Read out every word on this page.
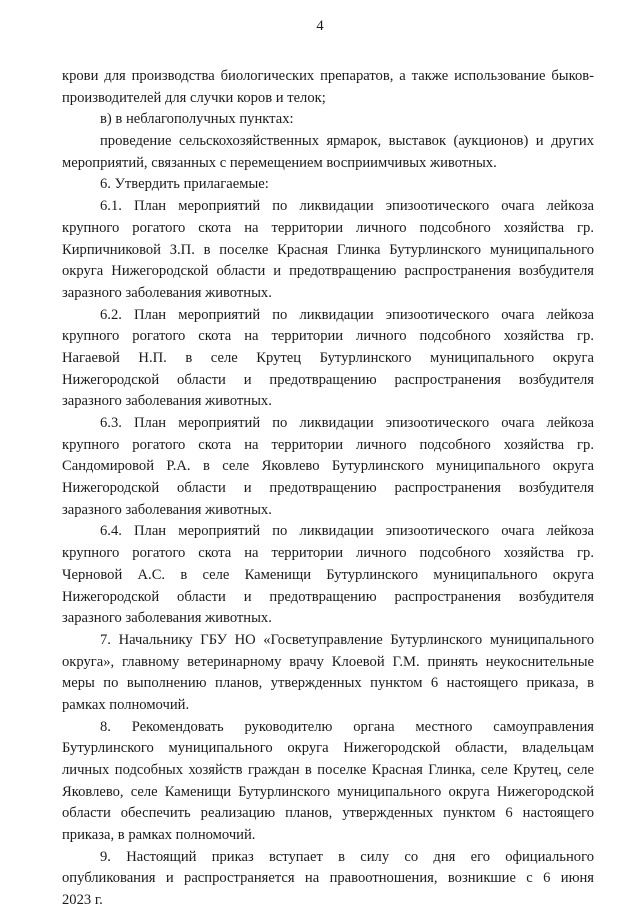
4
крови для производства биологических препаратов, а также использование быков-
производителей для случки коров и телок;
в) в неблагополучных пунктах:
проведение сельскохозяйственных ярмарок, выставок (аукционов) и других
мероприятий, связанных с перемещением восприимчивых животных.
6. Утвердить прилагаемые:
6.1. План мероприятий по ликвидации эпизоотического очага лейкоза
крупного рогатого скота на территории личного подсобного хозяйства гр.
Кирпичниковой З.П. в поселке Красная Глинка Бутурлинского муниципального
округа Нижегородской области и предотвращению распространения возбудителя
заразного заболевания животных.
6.2. План мероприятий по ликвидации эпизоотического очага лейкоза
крупного рогатого скота на территории личного подсобного хозяйства гр.
Нагаевой Н.П. в селе Крутец Бутурлинского муниципального округа
Нижегородской области и предотвращению распространения возбудителя
заразного заболевания животных.
6.3. План мероприятий по ликвидации эпизоотического очага лейкоза
крупного рогатого скота на территории личного подсобного хозяйства гр.
Сандомировой Р.А. в селе Яковлево Бутурлинского муниципального округа
Нижегородской области и предотвращению распространения возбудителя
заразного заболевания животных.
6.4. План мероприятий по ликвидации эпизоотического очага лейкоза
крупного рогатого скота на территории личного подсобного хозяйства гр.
Черновой А.С. в селе Каменищи Бутурлинского муниципального округа
Нижегородской области и предотвращению распространения возбудителя
заразного заболевания животных.
7. Начальнику ГБУ НО «Госветуправление Бутурлинского муниципального
округа», главному ветеринарному врачу Клоевой Г.М. принять неукоснительные
меры по выполнению планов, утвержденных пунктом 6 настоящего приказа, в
рамках полномочий.
8. Рекомендовать руководителю органа местного самоуправления
Бутурлинского муниципального округа Нижегородской области, владельцам
личных подсобных хозяйств граждан в поселке Красная Глинка, селе Крутец, селе
Яковлево, селе Каменищи Бутурлинского муниципального округа Нижегородской
области обеспечить реализацию планов, утвержденных пунктом 6 настоящего
приказа, в рамках полномочий.
9. Настоящий приказ вступает в силу со дня его официального
опубликования и распространяется на правоотношения, возникшие с 6 июня
2023 г.
